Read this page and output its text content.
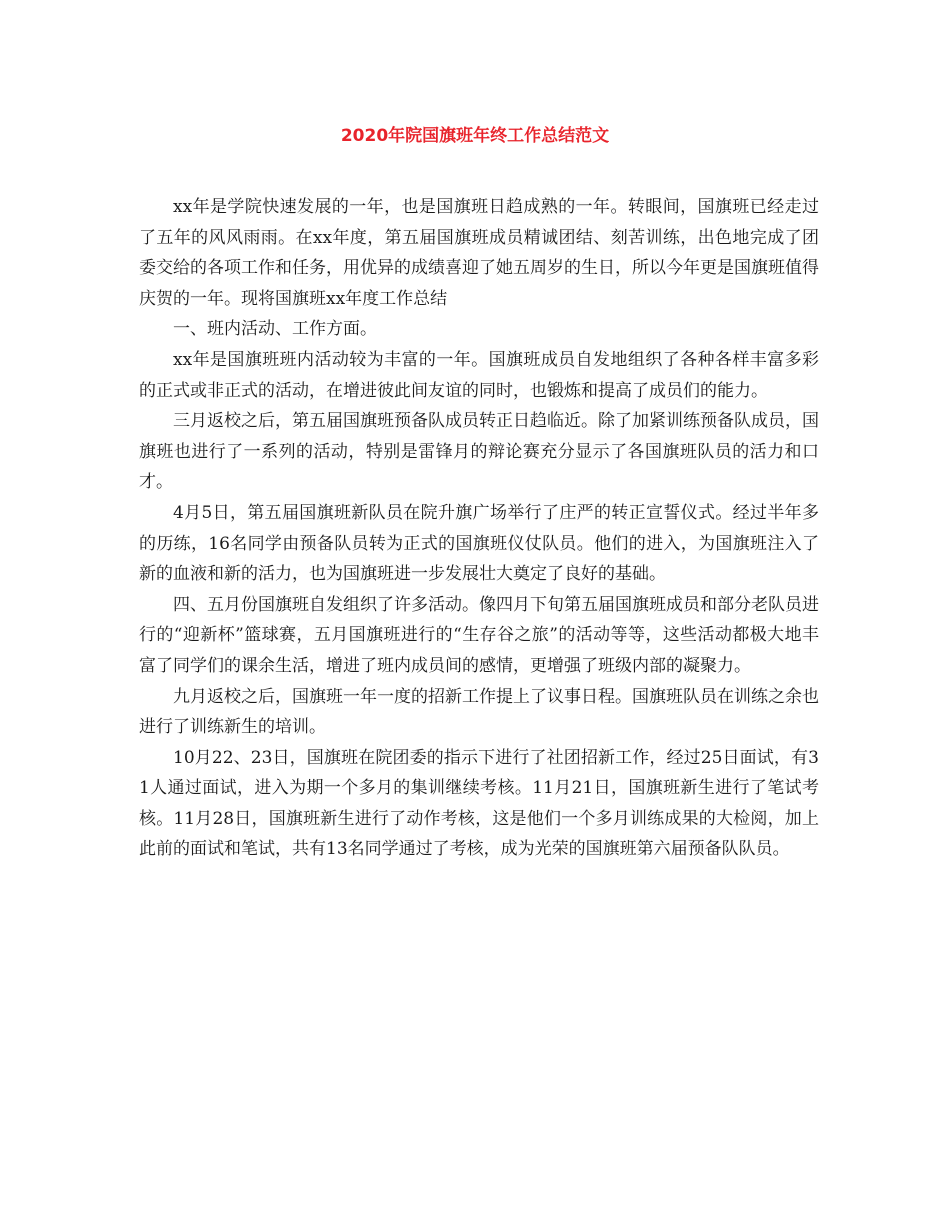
2020年院国旗班年终工作总结范文

xx年是学院快速发展的一年，也是国旗班日趋成熟的一年。转眼间，国旗班已经走过了五年的风风雨雨。在xx年度，第五届国旗班成员精诚团结、刻苦训练，出色地完成了团委交给的各项工作和任务，用优异的成绩喜迎了她五周岁的生日，所以今年更是国旗班值得庆贺的一年。现将国旗班xx年度工作总结

一、班内活动、工作方面。

xx年是国旗班班内活动较为丰富的一年。国旗班成员自发地组织了各种各样丰富多彩的正式或非正式的活动，在增进彼此间友谊的同时，也锻炼和提高了成员们的能力。

三月返校之后，第五届国旗班预备队成员转正日趋临近。除了加紧训练预备队成员，国旗班也进行了一系列的活动，特别是雷锋月的辩论赛充分显示了各国旗班队员的活力和口才。

4月5日，第五届国旗班新队员在院升旗广场举行了庄严的转正宣誓仪式。经过半年多的历练，16名同学由预备队员转为正式的国旗班仪仗队员。他们的进入，为国旗班注入了新的血液和新的活力，也为国旗班进一步发展壮大奠定了良好的基础。

四、五月份国旗班自发组织了许多活动。像四月下旬第五届国旗班成员和部分老队员进行的“迎新杯”篮球赛，五月国旗班进行的“生存谷之旅”的活动等等，这些活动都极大地丰富了同学们的课余生活，增进了班内成员间的感情，更增强了班级内部的凝聚力。

九月返校之后，国旗班一年一度的招新工作提上了议事日程。国旗班队员在训练之余也进行了训练新生的培训。

10月22、23日，国旗班在院团委的指示下进行了社团招新工作，经过25日面试，有31人通过面试，进入为期一个多月的集训继续考核。11月21日，国旗班新生进行了笔试考核。11月28日，国旗班新生进行了动作考核，这是他们一个多月训练成果的大检阅，加上此前的面试和笔试，共有13名同学通过了考核，成为光荣的国旗班第六届预备队队员。
